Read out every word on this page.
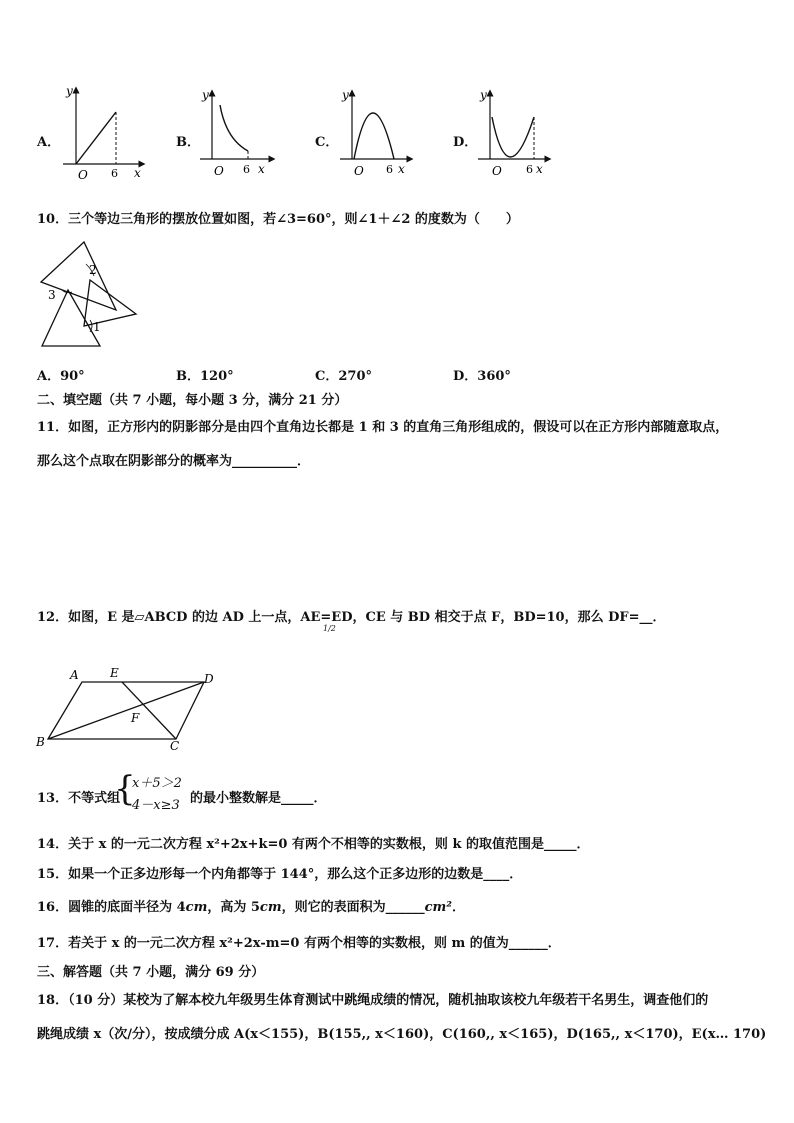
A．
y
O 6 x
B．
y
O 6 x
C．
y
O 6 x
D．
y
O 6 x
10．三个等边三角形的摆放位置如图，若∠3=60°，则∠1＋∠2 的度数为（　　）
1
2
3
A．90°	B．120°	C．270°	D．360°
二、填空题（共 7 小题，每小题 3 分，满分 21 分）
11．如图，正方形内的阴影部分是由四个直角边长都是 1 和 3 的直角三角形组成的，假设可以在正方形内部随意取点，
那么这个点取在阴影部分的概率为__________．
12．如图，E 是▱ABCD 的边 AD 上一点，AE=ED，CE 与 BD 相交于点 F，BD=10，那么 DF=__．
1/2
A	E	D
F
B	C
13．不等式组
{
x＋5＞2
4－x≥3 的最小整数解是_____．
14．关于 x 的一元二次方程 x²+2x+k=0 有两个不相等的实数根，则 k 的取值范围是_____．
15．如果一个正多边形每一个内角都等于 144°，那么这个正多边形的边数是____．
16．圆锥的底面半径为 4cm，高为 5cm，则它的表面积为______cm²．
17．若关于 x 的一元二次方程 x²+2x-m=0 有两个相等的实数根，则 m 的值为______．
三、解答题（共 7 小题，满分 69 分）
18．（10 分）某校为了解本校九年级男生体育测试中跳绳成绩的情况，随机抽取该校九年级若干名男生，调查他们的
跳绳成绩 x（次/分），按成绩分成 A(x＜155)，B(155,, x＜160)，C(160,, x＜165)，D(165,, x＜170)，E(x… 170)
